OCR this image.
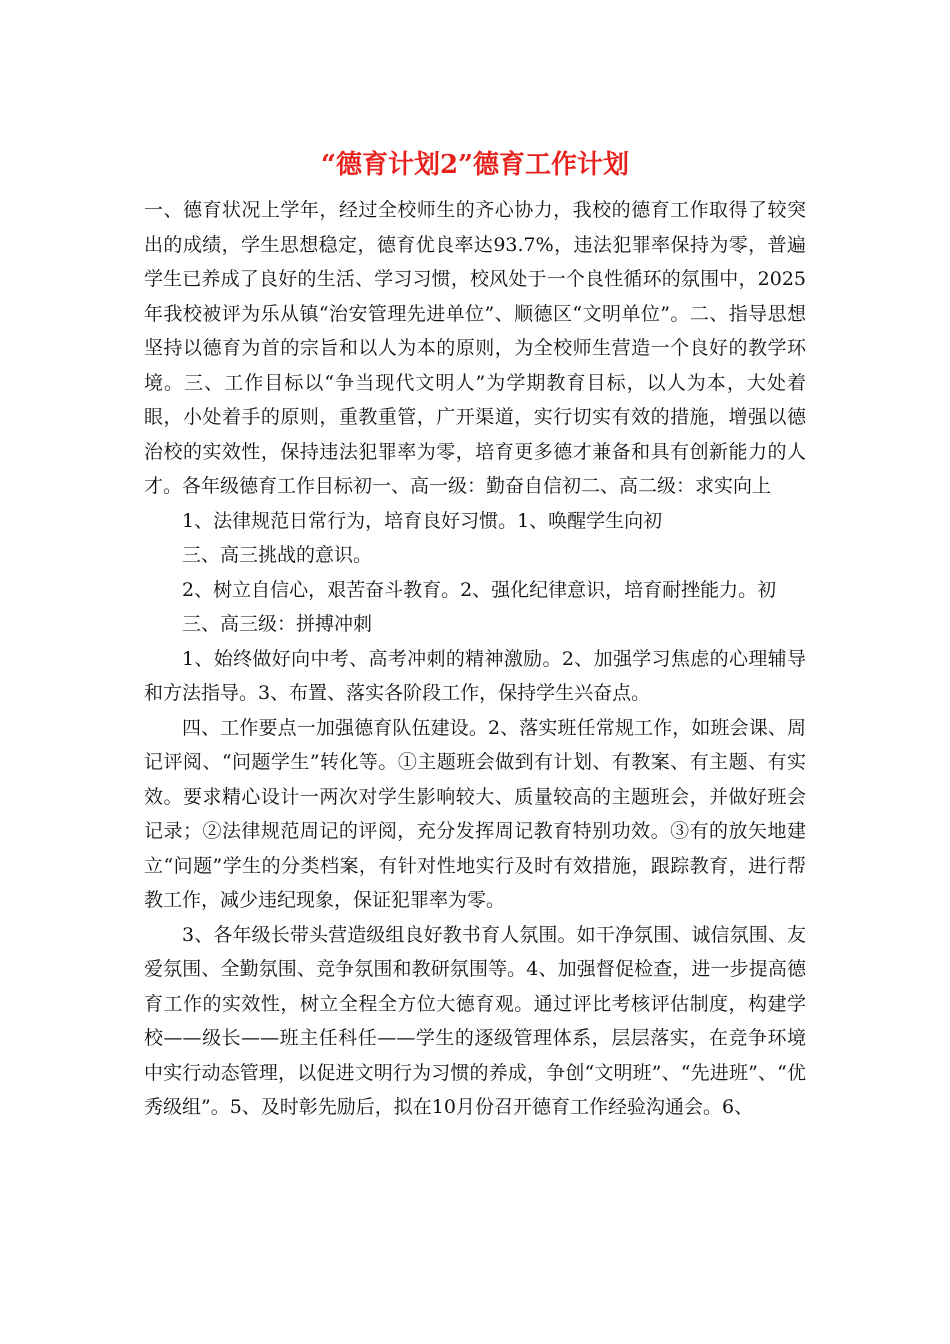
“德育计划2”德育工作计划

一、德育状况上学年，经过全校师生的齐心协力，我校的德育工作取得了较突出的成绩，学生思想稳定，德育优良率达93.7%，违法犯罪率保持为零，普遍学生已养成了良好的生活、学习习惯，校风处于一个良性循环的氛围中，2025年我校被评为乐从镇“治安管理先进单位”、顺德区“文明单位”。二、指导思想坚持以德育为首的宗旨和以人为本的原则，为全校师生营造一个良好的教学环境。三、工作目标以“争当现代文明人”为学期教育目标，以人为本，大处着眼，小处着手的原则，重教重管，广开渠道，实行切实有效的措施，增强以德治校的实效性，保持违法犯罪率为零，培育更多德才兼备和具有创新能力的人才。各年级德育工作目标初一、高一级：勤奋自信初二、高二级：求实向上

1、法律规范日常行为，培育良好习惯。1、唤醒学生向初

三、高三挑战的意识。

2、树立自信心，艰苦奋斗教育。2、强化纪律意识，培育耐挫能力。初

三、高三级：拼搏冲刺

1、始终做好向中考、高考冲刺的精神激励。2、加强学习焦虑的心理辅导和方法指导。3、布置、落实各阶段工作，保持学生兴奋点。

四、工作要点一加强德育队伍建设。2、落实班任常规工作，如班会课、周记评阅、“问题学生”转化等。①主题班会做到有计划、有教案、有主题、有实效。要求精心设计一两次对学生影响较大、质量较高的主题班会，并做好班会记录；②法律规范周记的评阅，充分发挥周记教育特别功效。③有的放矢地建立“问题”学生的分类档案，有针对性地实行及时有效措施，跟踪教育，进行帮教工作，减少违纪现象，保证犯罪率为零。

3、各年级长带头营造级组良好教书育人氛围。如干净氛围、诚信氛围、友爱氛围、全勤氛围、竞争氛围和教研氛围等。4、加强督促检查，进一步提高德育工作的实效性，树立全程全方位大德育观。通过评比考核评估制度，构建学校——级长——班主任科任——学生的逐级管理体系，层层落实，在竞争环境中实行动态管理，以促进文明行为习惯的养成，争创“文明班”、“先进班”、“优秀级组”。5、及时彰先励后，拟在10月份召开德育工作经验沟通会。6、
